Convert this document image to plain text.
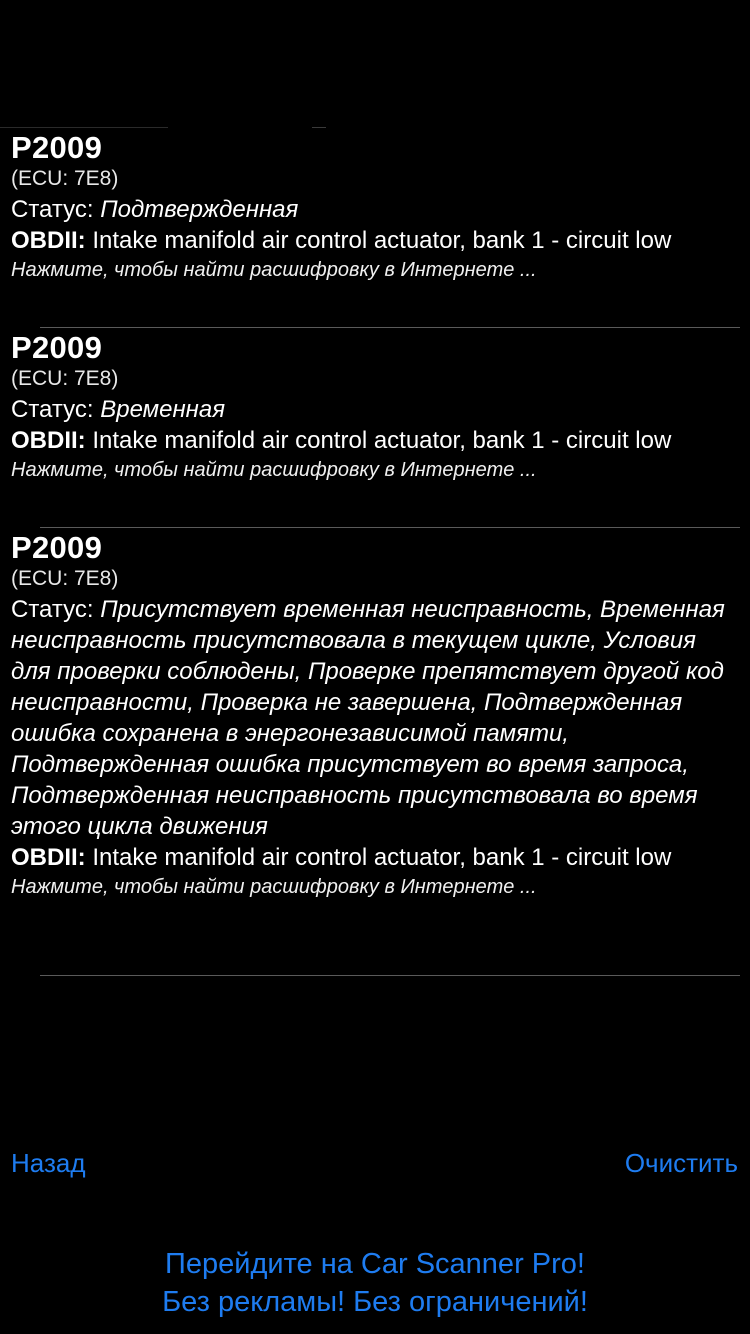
P2009
(ECU: 7E8)
Статус: Подтвержденная
OBDII: Intake manifold air control actuator, bank 1 - circuit low
Нажмите, чтобы найти расшифровку в Интернете ...
P2009
(ECU: 7E8)
Статус: Временная
OBDII: Intake manifold air control actuator, bank 1 - circuit low
Нажмите, чтобы найти расшифровку в Интернете ...
P2009
(ECU: 7E8)
Статус: Присутствует временная неисправность, Временная неисправность присутствовала в текущем цикле, Условия для проверки соблюдены, Проверке препятствует другой код неисправности, Проверка не завершена, Подтвержденная ошибка сохранена в энергонезависимой памяти, Подтвержденная ошибка присутствует во время запроса, Подтвержденная неисправность присутствовала во время этого цикла движения
OBDII: Intake manifold air control actuator, bank 1 - circuit low
Нажмите, чтобы найти расшифровку в Интернете ...
Назад	Очистить
Перейдите на Car Scanner Pro!
Без рекламы! Без ограничений!
